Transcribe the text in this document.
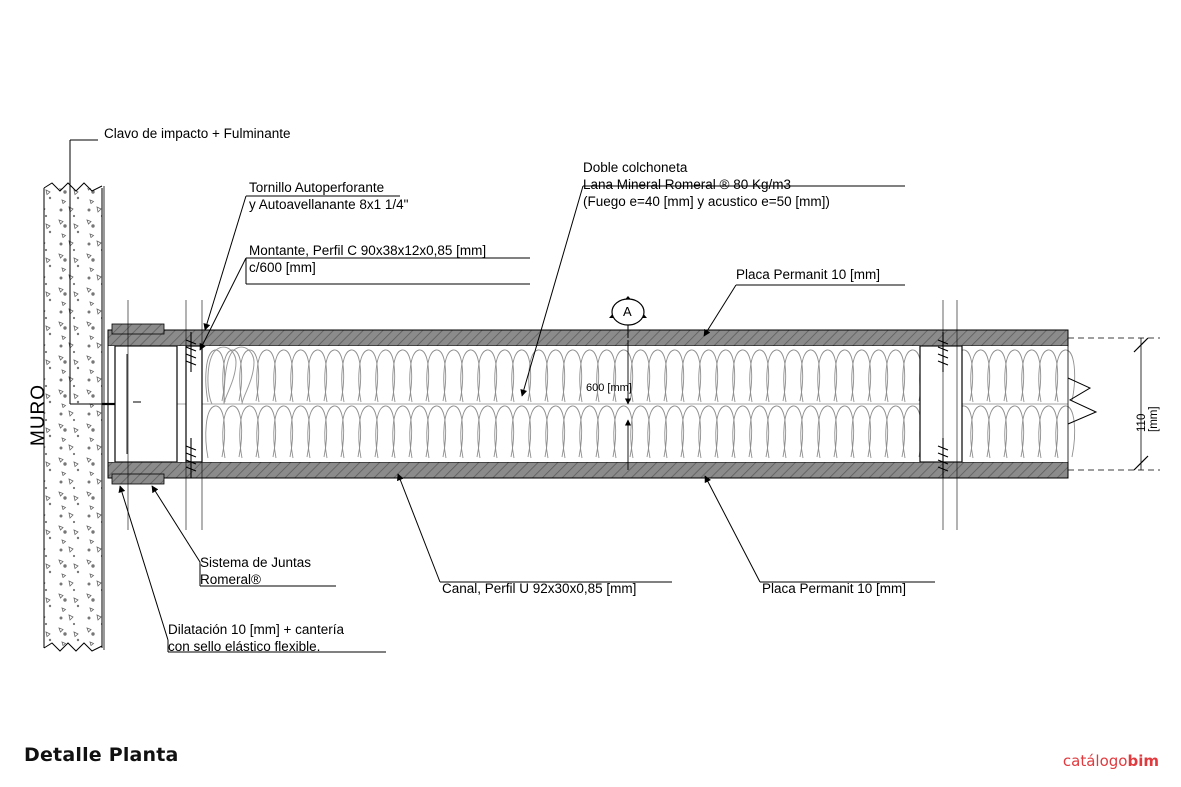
Clavo de impacto + Fulminante
Tornillo Autoperforante
y Autoavellanante 8x1 1/4"
Montante, Perfil C 90x38x12x0,85 [mm]
c/600 [mm]
Doble colchoneta
Lana Mineral Romeral ® 80 Kg/m3
(Fuego e=40 [mm] y acustico e=50 [mm])
Placa Permanit 10 [mm]
Placa Permanit 10 [mm]
Canal, Perfil U 92x30x0,85 [mm]
Sistema de Juntas
Romeral®
Dilatación 10 [mm] + cantería
con sello elástico flexible.
MURO	600 [mm]
110 [mm]
A
Detalle Planta	catálogobim
